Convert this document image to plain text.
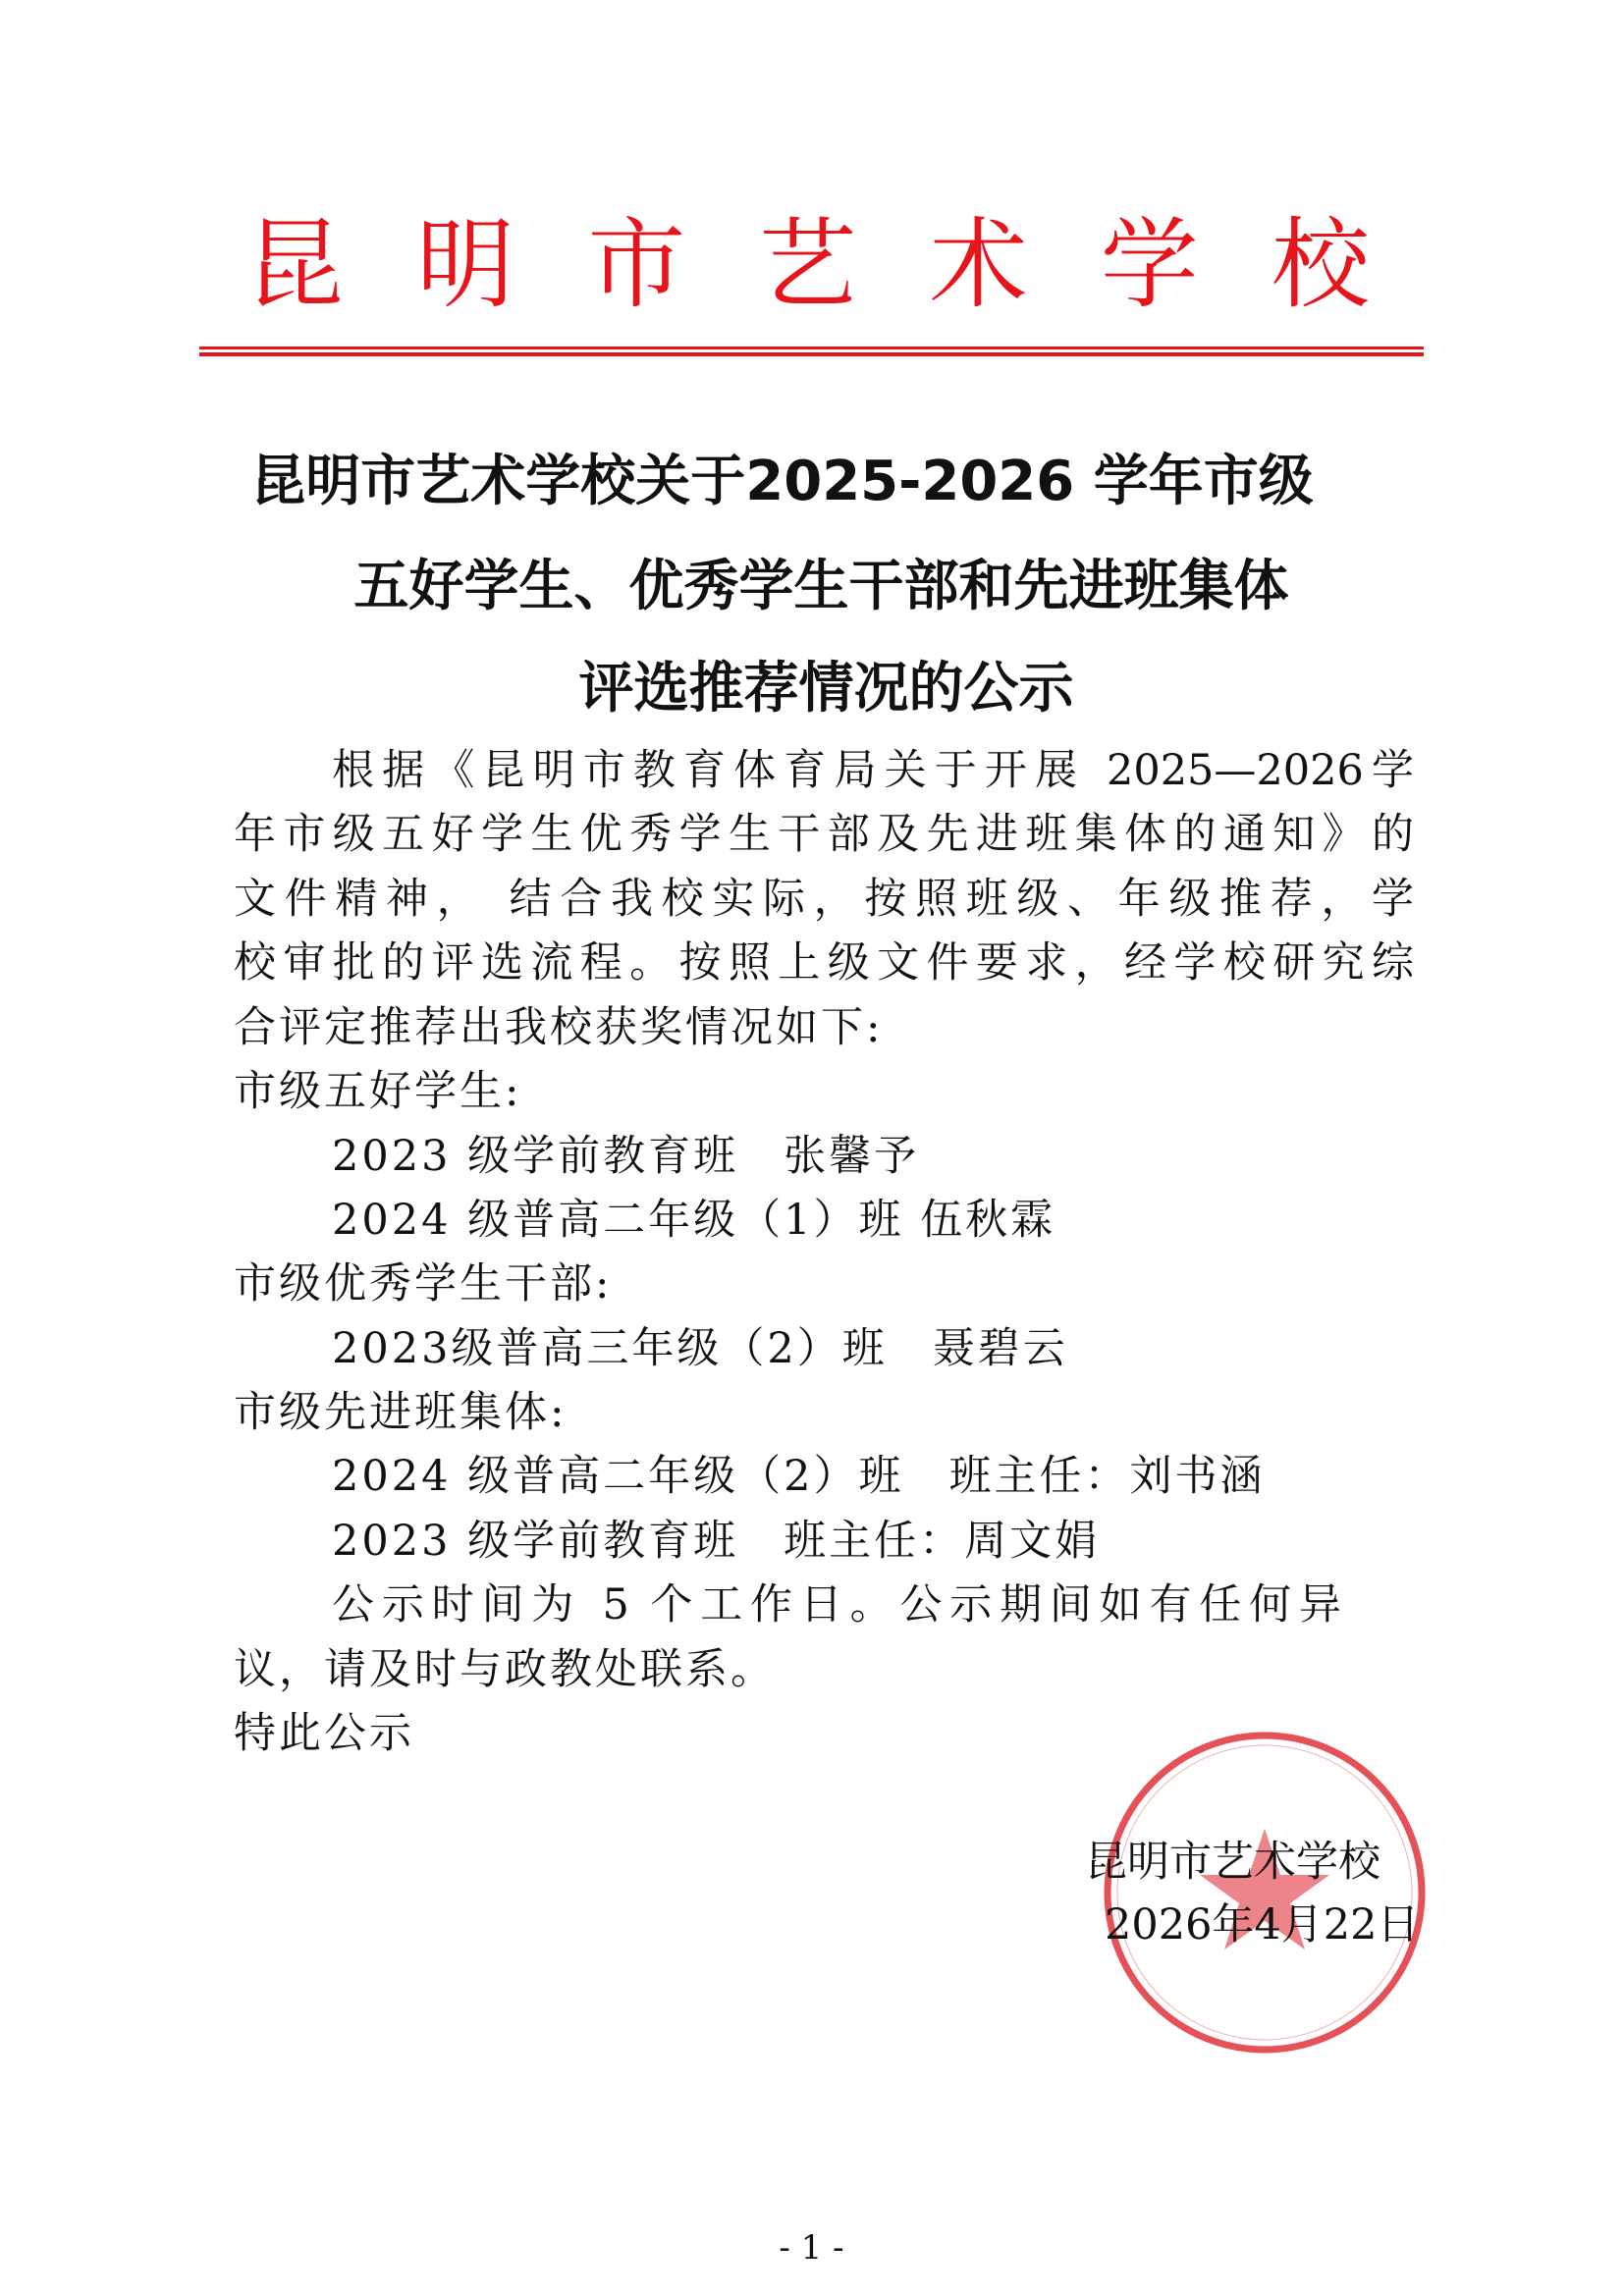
昆 明 市 艺 术 学 校
昆明市艺术学校关于2025-2026 学年市级
五好学生、优秀学生干部和先进班集体
评选推荐情况的公示
根据《昆明市教育体育局关于开展 2025—2026学
年市级五好学生优秀学生干部及先进班集体的通知》的
文件精神， 结合我校实际，按照班级、年级推荐，学
校审批的评选流程。按照上级文件要求，经学校研究综
合评定推荐出我校获奖情况如下:
市级五好学生:
2023 级学前教育班　张馨予
2024 级普高二年级（1）班 伍秋霖
市级优秀学生干部:
2023级普高三年级（2）班　聂碧云
市级先进班集体:
2024 级普高二年级（2）班　班主任：刘书涵
2023 级学前教育班　班主任：周文娟
公示时间为 5 个工作日。公示期间如有任何异
议，请及时与政教处联系。
特此公示
昆明市艺术学校
2026年4月22日
- 1 -
